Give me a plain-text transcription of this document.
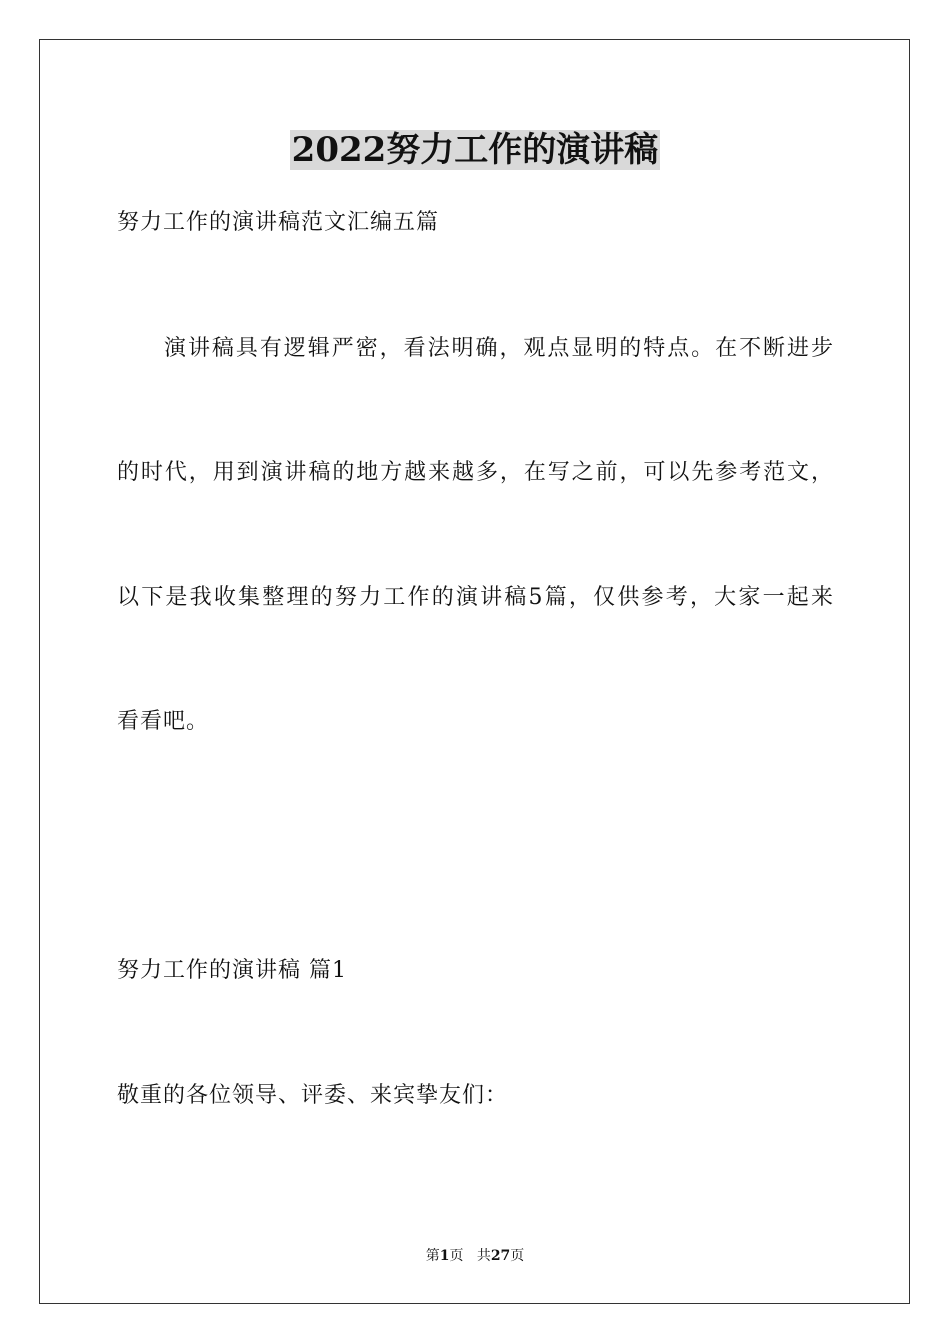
2022努力工作的演讲稿
努力工作的演讲稿范文汇编五篇
演讲稿具有逻辑严密，看法明确，观点显明的特点。在不断进步
的时代，用到演讲稿的地方越来越多，在写之前，可以先参考范文，
以下是我收集整理的努力工作的演讲稿5篇，仅供参考，大家一起来
看看吧。
努力工作的演讲稿 篇1
敬重的各位领导、评委、来宾挚友们：
第1页 共27页
